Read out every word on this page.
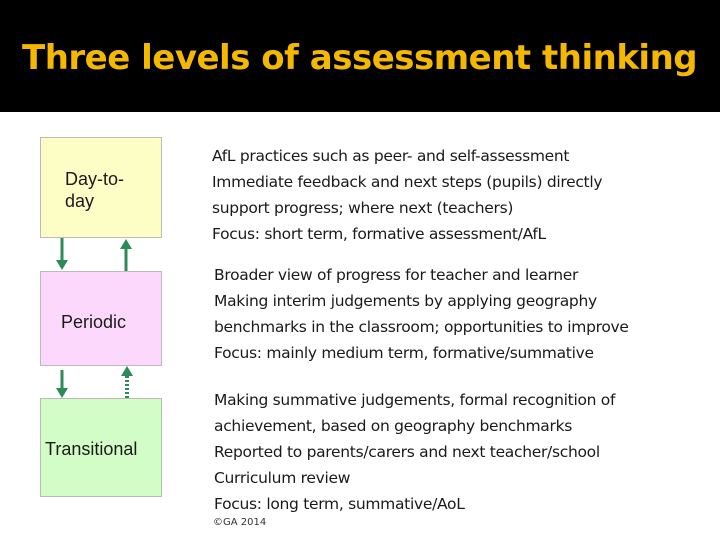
Three levels of assessment thinking
Day-to-
day
Periodic
Transitional
AfL practices such as peer- and self-assessment
Immediate feedback and next steps (pupils) directly
support progress; where next (teachers)
Focus: short term, formative assessment/AfL
Broader view of progress for teacher and learner
Making interim judgements by applying geography
benchmarks in the classroom; opportunities to improve
Focus: mainly medium term, formative/summative
Making summative judgements, formal recognition of
achievement, based on geography benchmarks
Reported to parents/carers and next teacher/school
Curriculum review
Focus: long term, summative/AoL
©GA 2014
